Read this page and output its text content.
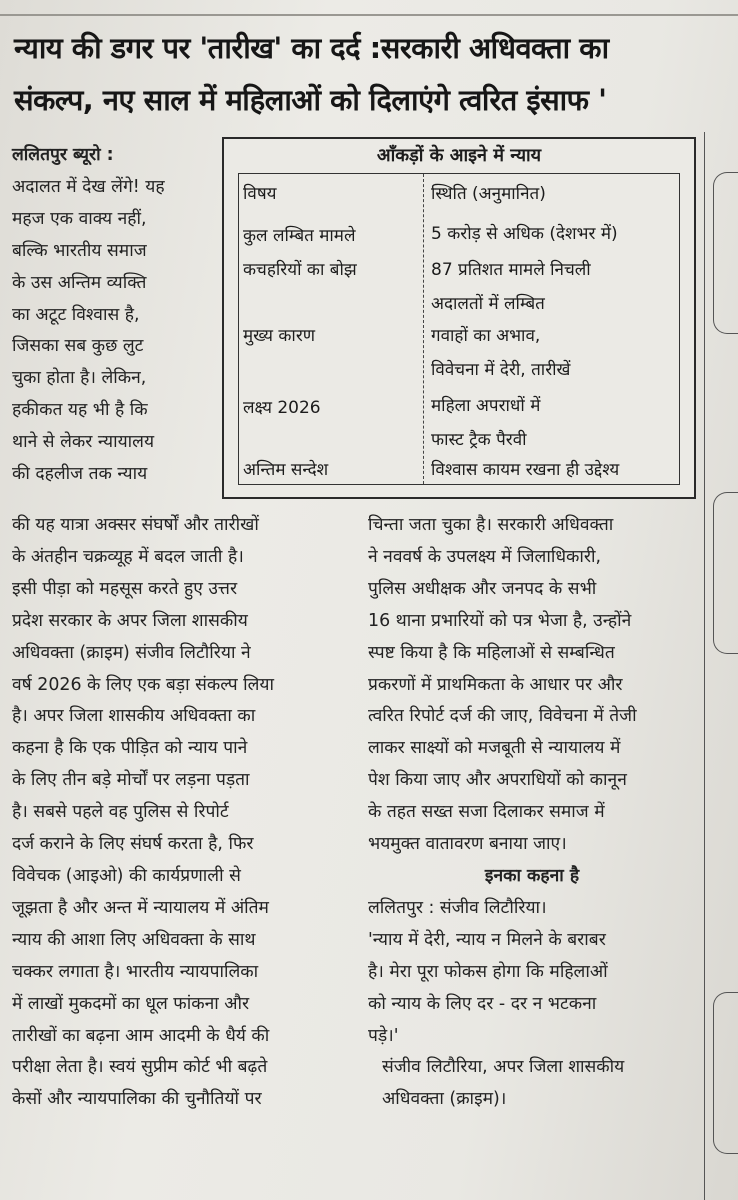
न्याय की डगर पर 'तारीख' का दर्द :सरकारी अधिवक्ता का
संकल्प, नए साल में महिलाओं को दिलाएंगे त्वरित इंसाफ '

ललितपुर ब्यूरो :

अदालत में देख लेंगे! यह

महज एक वाक्य नहीं,

बल्कि भारतीय समाज

के उस अन्तिम व्यक्ति

का अटूट विश्वास है,

जिसका सब कुछ लुट

चुका होता है। लेकिन,

हकीकत यह भी है कि

थाने से लेकर न्यायालय

की दहलीज तक न्याय

आँकड़ों के आइने में न्याय
विषय	स्थिति (अनुमानित)
कुल लम्बित मामले	5 करोड़ से अधिक (देशभर में)
कचहरियों का बोझ	87 प्रतिशत मामले निचली
अदालतों में लम्बित
मुख्य कारण	गवाहों का अभाव,
विवेचना में देरी, तारीखें
लक्ष्य 2026	महिला अपराधों में
फास्ट ट्रैक पैरवी
अन्तिम सन्देश	विश्वास कायम रखना ही उद्देश्य

की यह यात्रा अक्सर संघर्षों और तारीखों

के अंतहीन चक्रव्यूह में बदल जाती है।

इसी पीड़ा को महसूस करते हुए उत्तर

प्रदेश सरकार के अपर जिला शासकीय

अधिवक्ता (क्राइम) संजीव लिटौरिया ने

वर्ष 2026 के लिए एक बड़ा संकल्प लिया

है। अपर जिला शासकीय अधिवक्ता का

कहना है कि एक पीड़ित को न्याय पाने

के लिए तीन बड़े मोर्चों पर लड़ना पड़ता

है। सबसे पहले वह पुलिस से रिपोर्ट

दर्ज कराने के लिए संघर्ष करता है, फिर

विवेचक (आइओ) की कार्यप्रणाली से

जूझता है और अन्त में न्यायालय में अंतिम

न्याय की आशा लिए अधिवक्ता के साथ

चक्कर लगाता है। भारतीय न्यायपालिका

में लाखों मुकदमों का धूल फांकना और

तारीखों का बढ़ना आम आदमी के धैर्य की

परीक्षा लेता है। स्वयं सुप्रीम कोर्ट भी बढ़ते

केसों और न्यायपालिका की चुनौतियों पर

चिन्ता जता चुका है। सरकारी अधिवक्ता

ने नववर्ष के उपलक्ष्य में जिलाधिकारी,

पुलिस अधीक्षक और जनपद के सभी

16 थाना प्रभारियों को पत्र भेजा है, उन्होंने

स्पष्ट किया है कि महिलाओं से सम्बन्धित

प्रकरणों में प्राथमिकता के आधार पर और

त्वरित रिपोर्ट दर्ज की जाए, विवेचना में तेजी

लाकर साक्ष्यों को मजबूती से न्यायालय में

पेश किया जाए और अपराधियों को कानून

के तहत सख्त सजा दिलाकर समाज में

भयमुक्त वातावरण बनाया जाए।

इनका कहना है

ललितपुर : संजीव लिटौरिया।

'न्याय में देरी, न्याय न मिलने के बराबर

है। मेरा पूरा फोकस होगा कि महिलाओं

को न्याय के लिए दर - दर न भटकना

पड़े।'

संजीव लिटौरिया, अपर जिला शासकीय

अधिवक्ता (क्राइम)।
